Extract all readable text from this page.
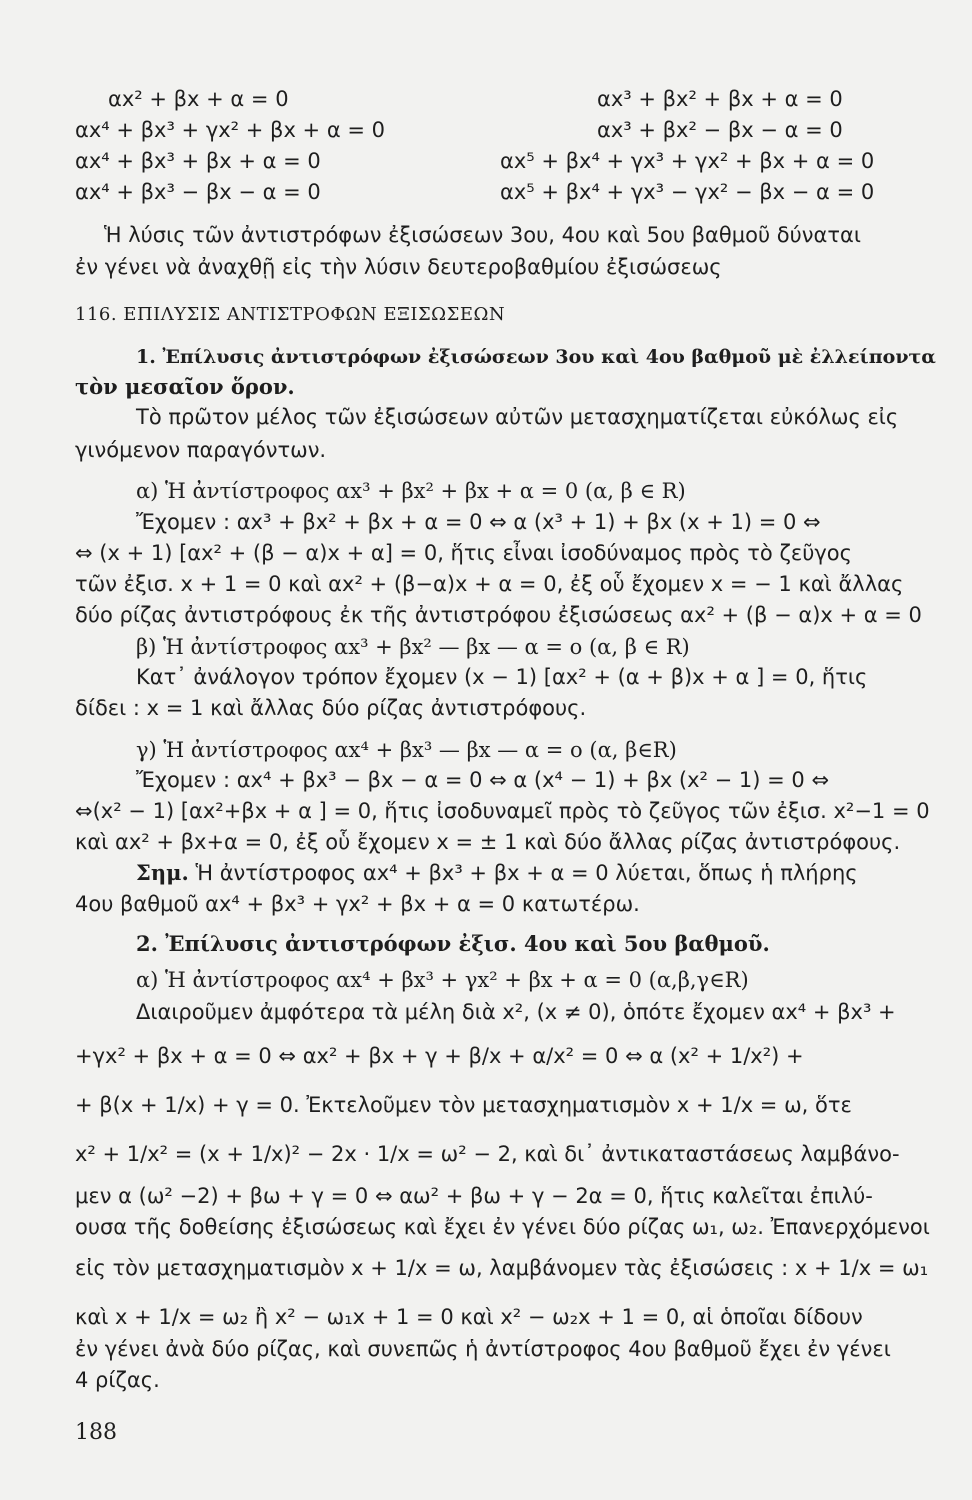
αx² + βx + α = 0	αx³ + βx² + βx + α = 0
αx⁴ + βx³ + γx² + βx + α = 0	αx³ + βx² − βx − α = 0
αx⁴ + βx³ + βx + α = 0	αx⁵ + βx⁴ + γx³ + γx² + βx + α = 0
αx⁴ + βx³ − βx − α = 0	αx⁵ + βx⁴ + γx³ − γx² − βx − α = 0
Ἡ λύσις τῶν ἀντιστρόφων ἐξισώσεων 3ου, 4ου καὶ 5ου βαθμοῦ δύναται
ἐν γένει νὰ ἀναχθῇ εἰς τὴν λύσιν δευτεροβαθμίου ἐξισώσεως
116. ΕΠΙΛΥΣΙΣ ΑΝΤΙΣΤΡΟΦΩΝ ΕΞΙΣΩΣΕΩΝ
1. Ἐπίλυσις ἀντιστρόφων ἐξισώσεων 3ου καὶ 4ου βαθμοῦ μὲ ἐλλείποντα
τὸν μεσαῖον ὅρον.
Τὸ πρῶτον μέλος τῶν ἐξισώσεων αὐτῶν μετασχηματίζεται εὐκόλως εἰς
γινόμενον παραγόντων.
α) Ἡ ἀντίστροφος αx³ + βx² + βx + α = 0 (α, β ∈ R)
Ἔχομεν : αx³ + βx² + βx + α = 0 ⇔ α (x³ + 1) + βx (x + 1) = 0 ⇔
⇔ (x + 1) [αx² + (β − α)x + α] = 0, ἥτις εἶναι ἰσοδύναμος πρὸς τὸ ζεῦγος
τῶν ἐξισ. x + 1 = 0 καὶ αx² + (β−α)x + α = 0, ἐξ οὗ ἔχομεν x = − 1 καὶ ἄλλας
δύο ρίζας ἀντιστρόφους ἐκ τῆς ἀντιστρόφου ἐξισώσεως αx² + (β − α)x + α = 0
β) Ἡ ἀντίστροφος αx³ + βx² — βx — α = ο (α, β ∈ R)
Κατ᾽ ἀνάλογον τρόπον ἔχομεν (x − 1) [αx² + (α + β)x + α ] = 0, ἥτις
δίδει : x = 1 καὶ ἄλλας δύο ρίζας ἀντιστρόφους.
γ) Ἡ ἀντίστροφος αx⁴ + βx³ — βx — α = ο (α, β∈R)
Ἔχομεν : αx⁴ + βx³ − βx − α = 0 ⇔ α (x⁴ − 1) + βx (x² − 1) = 0 ⇔
⇔(x² − 1) [αx²+βx + α ] = 0, ἥτις ἰσοδυναμεῖ πρὸς τὸ ζεῦγος τῶν ἐξισ. x²−1 = 0
καὶ αx² + βx+α = 0, ἐξ οὗ ἔχομεν x = ± 1 καὶ δύο ἄλλας ρίζας ἀντιστρόφους.
Σημ. Ἡ ἀντίστροφος αx⁴ + βx³ + βx + α = 0 λύεται, ὅπως ἡ πλήρης
4ου βαθμοῦ αx⁴ + βx³ + γx² + βx + α = 0 κατωτέρω.
2. Ἐπίλυσις ἀντιστρόφων ἐξισ. 4ου καὶ 5ου βαθμοῦ.
α) Ἡ ἀντίστροφος αx⁴ + βx³ + γx² + βx + α = 0 (α,β,γ∈R)
Διαιροῦμεν ἀμφότερα τὰ μέλη διὰ x², (x ≠ 0), ὁπότε ἔχομεν αx⁴ + βx³ +
+γx² + βx + α = 0 ⇔ αx² + βx + γ + β/x + α/x² = 0 ⇔ α (x² + 1/x²) +
+ β(x + 1/x) + γ = 0. Ἐκτελοῦμεν τὸν μετασχηματισμὸν x + 1/x = ω, ὅτε
x² + 1/x² = (x + 1/x)² − 2x · 1/x = ω² − 2, καὶ δι᾽ ἀντικαταστάσεως λαμβάνο-
μεν α (ω² −2) + βω + γ = 0 ⇔ αω² + βω + γ − 2α = 0, ἥτις καλεῖται ἐπιλύ-
ουσα τῆς δοθείσης ἐξισώσεως καὶ ἔχει ἐν γένει δύο ρίζας ω₁, ω₂. Ἐπανερχόμενοι
εἰς τὸν μετασχηματισμὸν x + 1/x = ω, λαμβάνομεν τὰς ἐξισώσεις : x + 1/x = ω₁
καὶ x + 1/x = ω₂ ἢ x² − ω₁x + 1 = 0 καὶ x² − ω₂x + 1 = 0, αἱ ὁποῖαι δίδουν
ἐν γένει ἀνὰ δύο ρίζας, καὶ συνεπῶς ἡ ἀντίστροφος 4ου βαθμοῦ ἔχει ἐν γένει
4 ρίζας.
188
